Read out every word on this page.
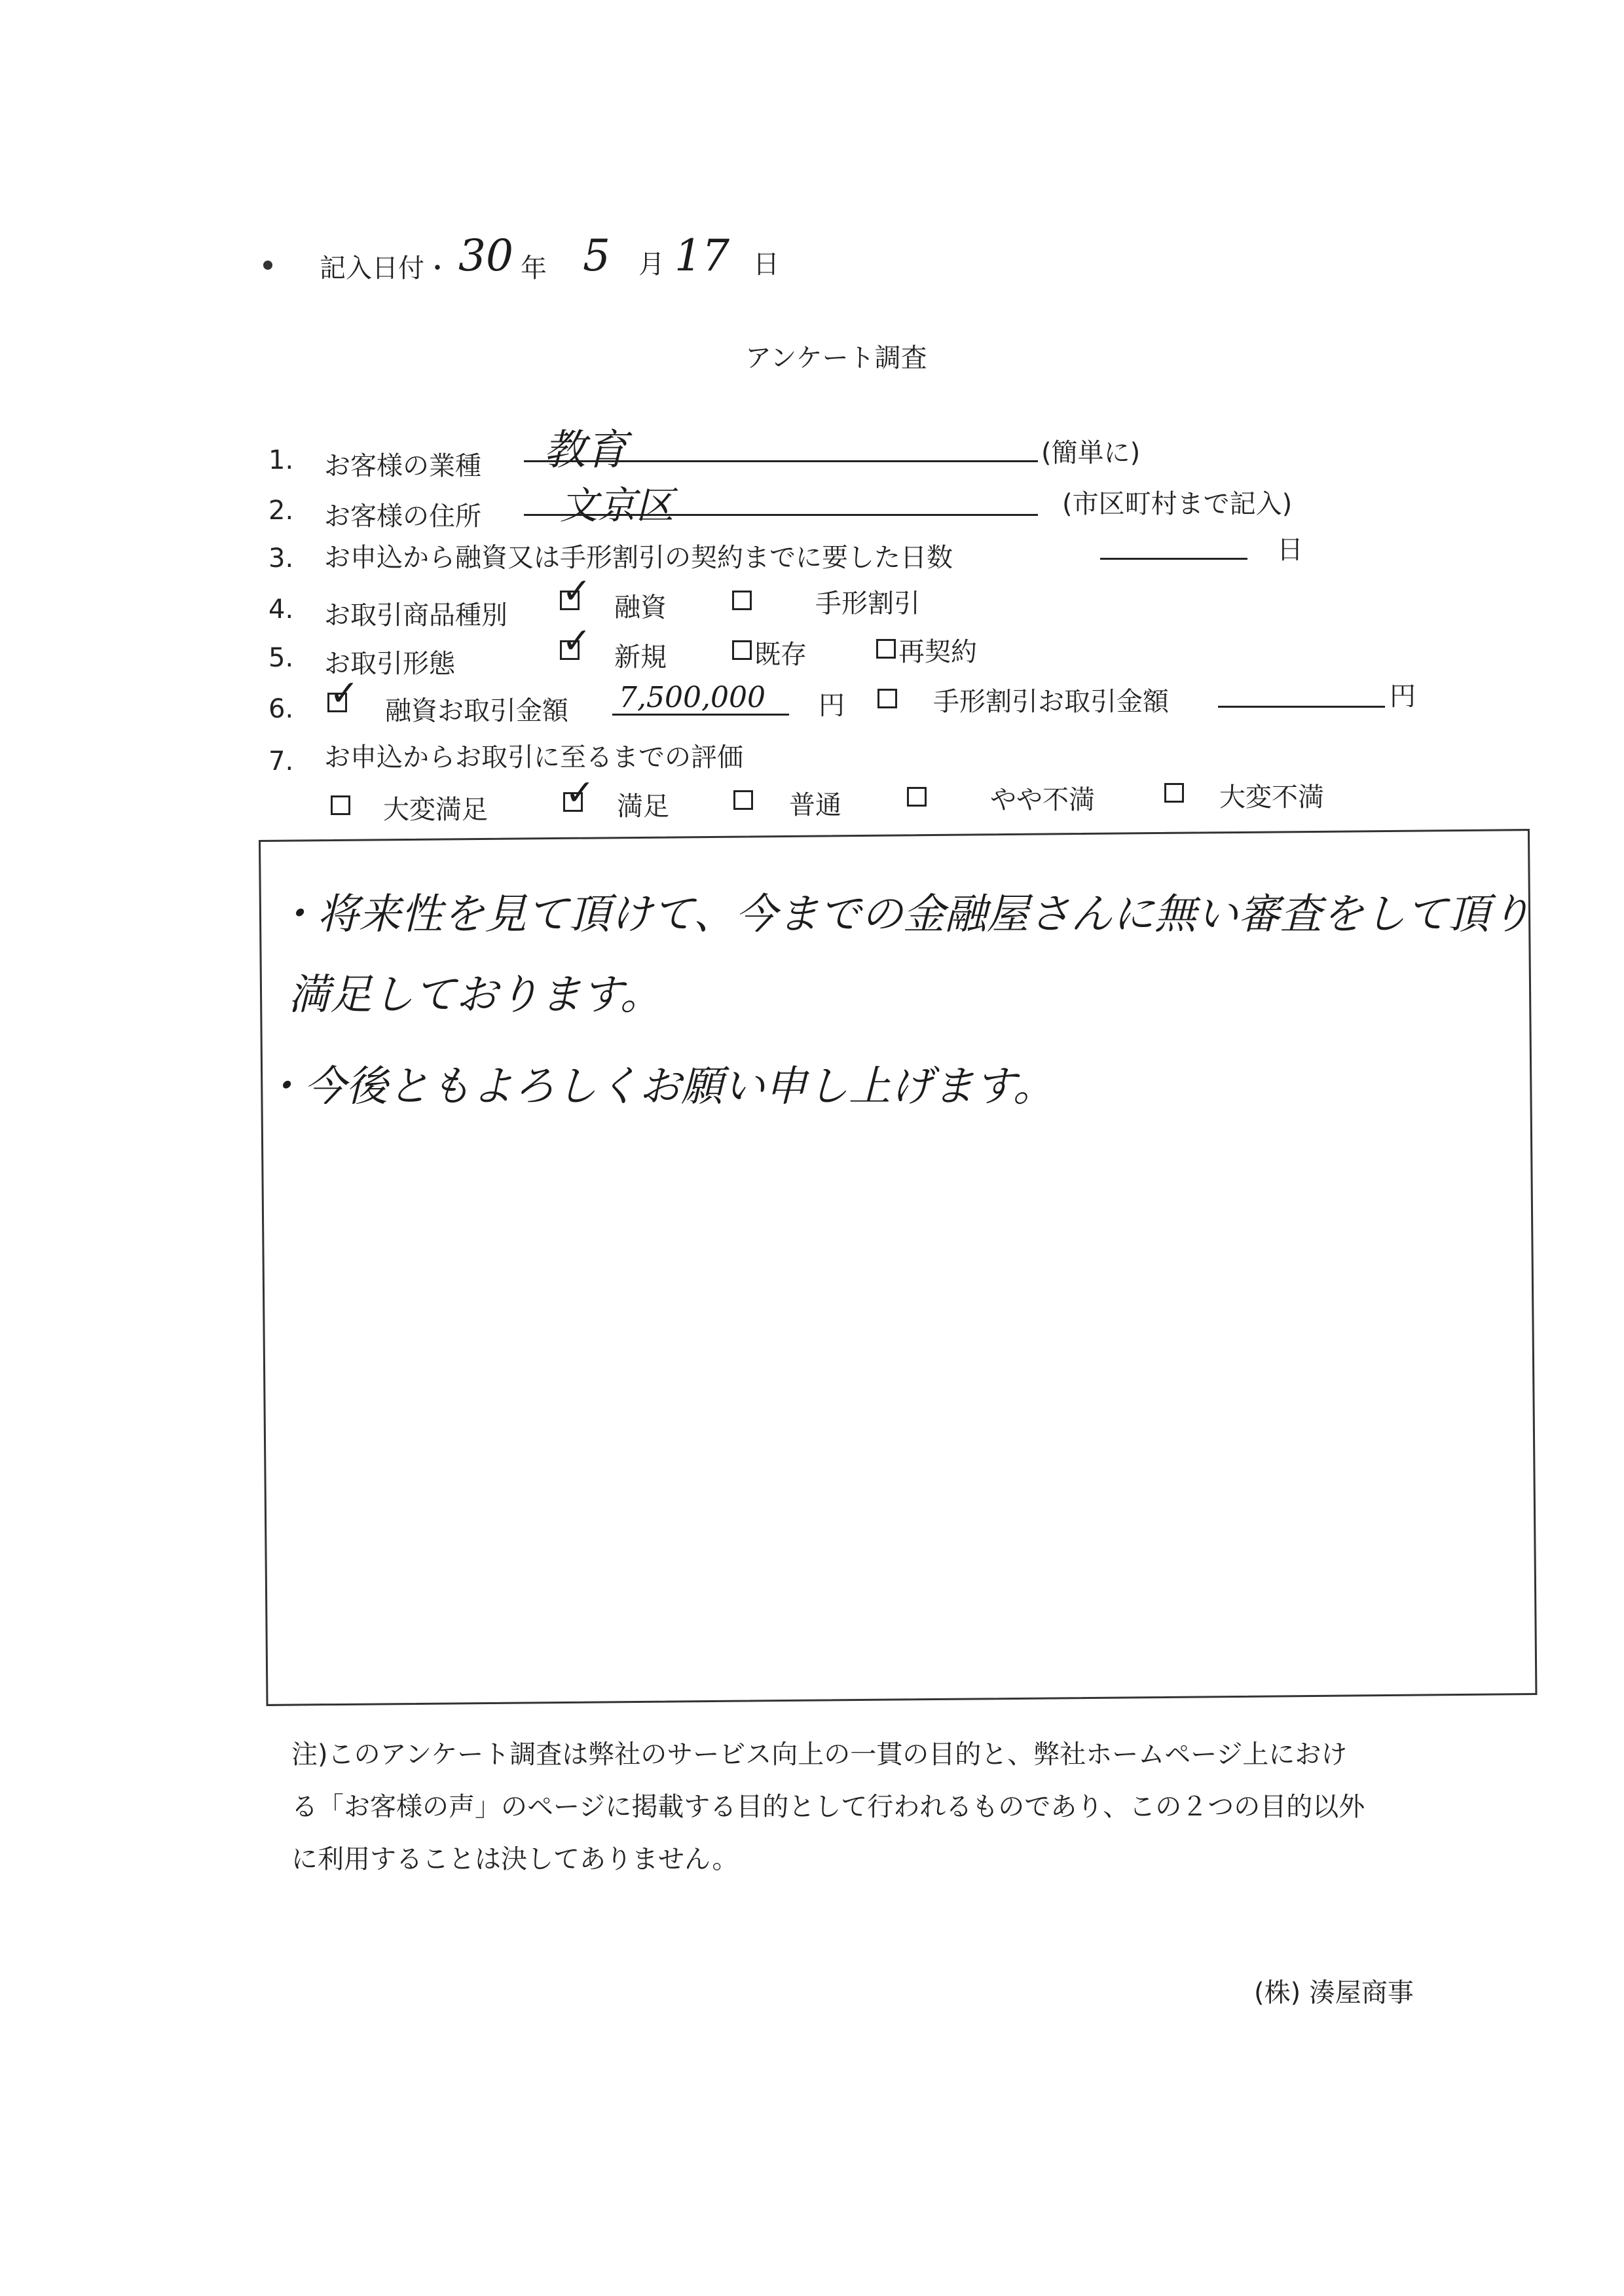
記入日付・ 30 年 5 月 17 日
アンケート調査
1. お客様の業種 教育	(簡単に)
2. お客様の住所 文京区	(市区町村まで記入)
3. お申込から融資又は手形割引の契約までに要した日数	日
4. お取引商品種別
✓ 融資	手形割引
5. お取引形態
✓ 新規	既存	再契約
6. ✓ 融資お取引金額 7,500,000 円	手形割引お取引金額	円
7. お申込からお取引に至るまでの評価
大変満足 ✓ 満足	普通	やや不満	大変不満
・将来性を見て頂けて、今までの金融屋さんに無い審査をして頂り
満足しております。
・今後ともよろしくお願い申し上げます。
注)このアンケート調査は弊社のサービス向上の一貫の目的と、弊社ホームページ上におけ
る「お客様の声」のページに掲載する目的として行われるものであり、この２つの目的以外
に利用することは決してありません。
(株) 湊屋商事
